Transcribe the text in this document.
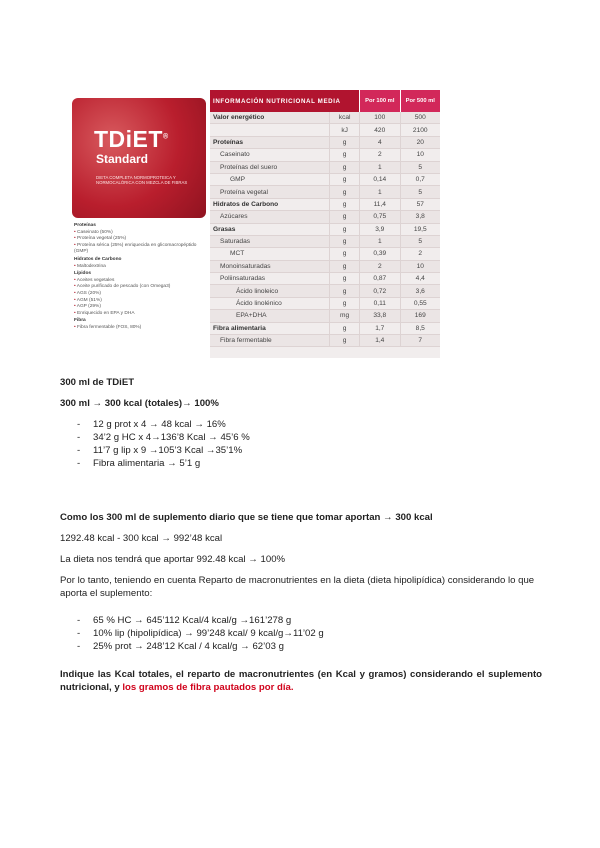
TDiET®
Standard
DIETA COMPLETA NORMOPROTEICA Y NORMOCALÓRICA CON MEZCLA DE FIBRAS
Proteínas
• Caseinato (50%)
• Proteína vegetal (25%)
• Proteína sérica (25%) enriquecida en glicomacropéptido (GMP)
Hidratos de Carbono
• Maltodextrina
Lípidos
• Aceites vegetales
• Aceite purificado de pescado (con Omega3)
• AGS (20%)
• AGM (51%)
• AGP (29%)
• Enriquecido en EPA y DHA
Fibra
• Fibra fermentable (FOS, 80%)
INFORMACIÓN NUTRICIONAL MEDIA		Por 100 ml	Por 500 ml
Valor energético	kcal	100	500
	kJ	420	2100
Proteínas	g	4	20
Caseinato	g	2	10
Proteínas del suero	g	1	5
GMP	g	0,14	0,7
Proteína vegetal	g	1	5
Hidratos de Carbono	g	11,4	57
Azúcares	g	0,75	3,8
Grasas	g	3,9	19,5
Saturadas	g	1	5
MCT	g	0,39	2
Monoinsaturadas	g	2	10
Poliinsaturadas	g	0,87	4,4
Ácido linoleico	g	0,72	3,6
Ácido linolénico	g	0,11	0,55
EPA+DHA	mg	33,8	169
Fibra alimentaria	g	1,7	8,5
Fibra fermentable	g	1,4	7
300 ml de TDiET
300 ml → 300 kcal (totales)→ 100%
- 12 g prot x 4 → 48 kcal → 16%
- 34’2 g HC x 4→136’8 Kcal → 45’6 %
- 11’7 g lip x 9 →105’3 Kcal →35’1%
- Fibra alimentaria → 5’1 g
Como los 300 ml de suplemento diario que se tiene que tomar aportan → 300 kcal
1292.48 kcal - 300 kcal → 992’48 kcal
La dieta nos tendrá que aportar 992.48 kcal → 100%
Por lo tanto, teniendo en cuenta Reparto de macronutrientes en la dieta (dieta hipolipídica) considerando lo que aporta el suplemento:
- 65 % HC → 645’112 Kcal/4 kcal/g →161’278 g
- 10% lip (hipolipídica) → 99’248 kcal/ 9 kcal/g→11’02 g
- 25% prot → 248’12 Kcal / 4 kcal/g → 62’03 g
Indique las Kcal totales, el reparto de macronutrientes (en Kcal y gramos) considerando el suplemento nutricional, y los gramos de fibra pautados por día.
